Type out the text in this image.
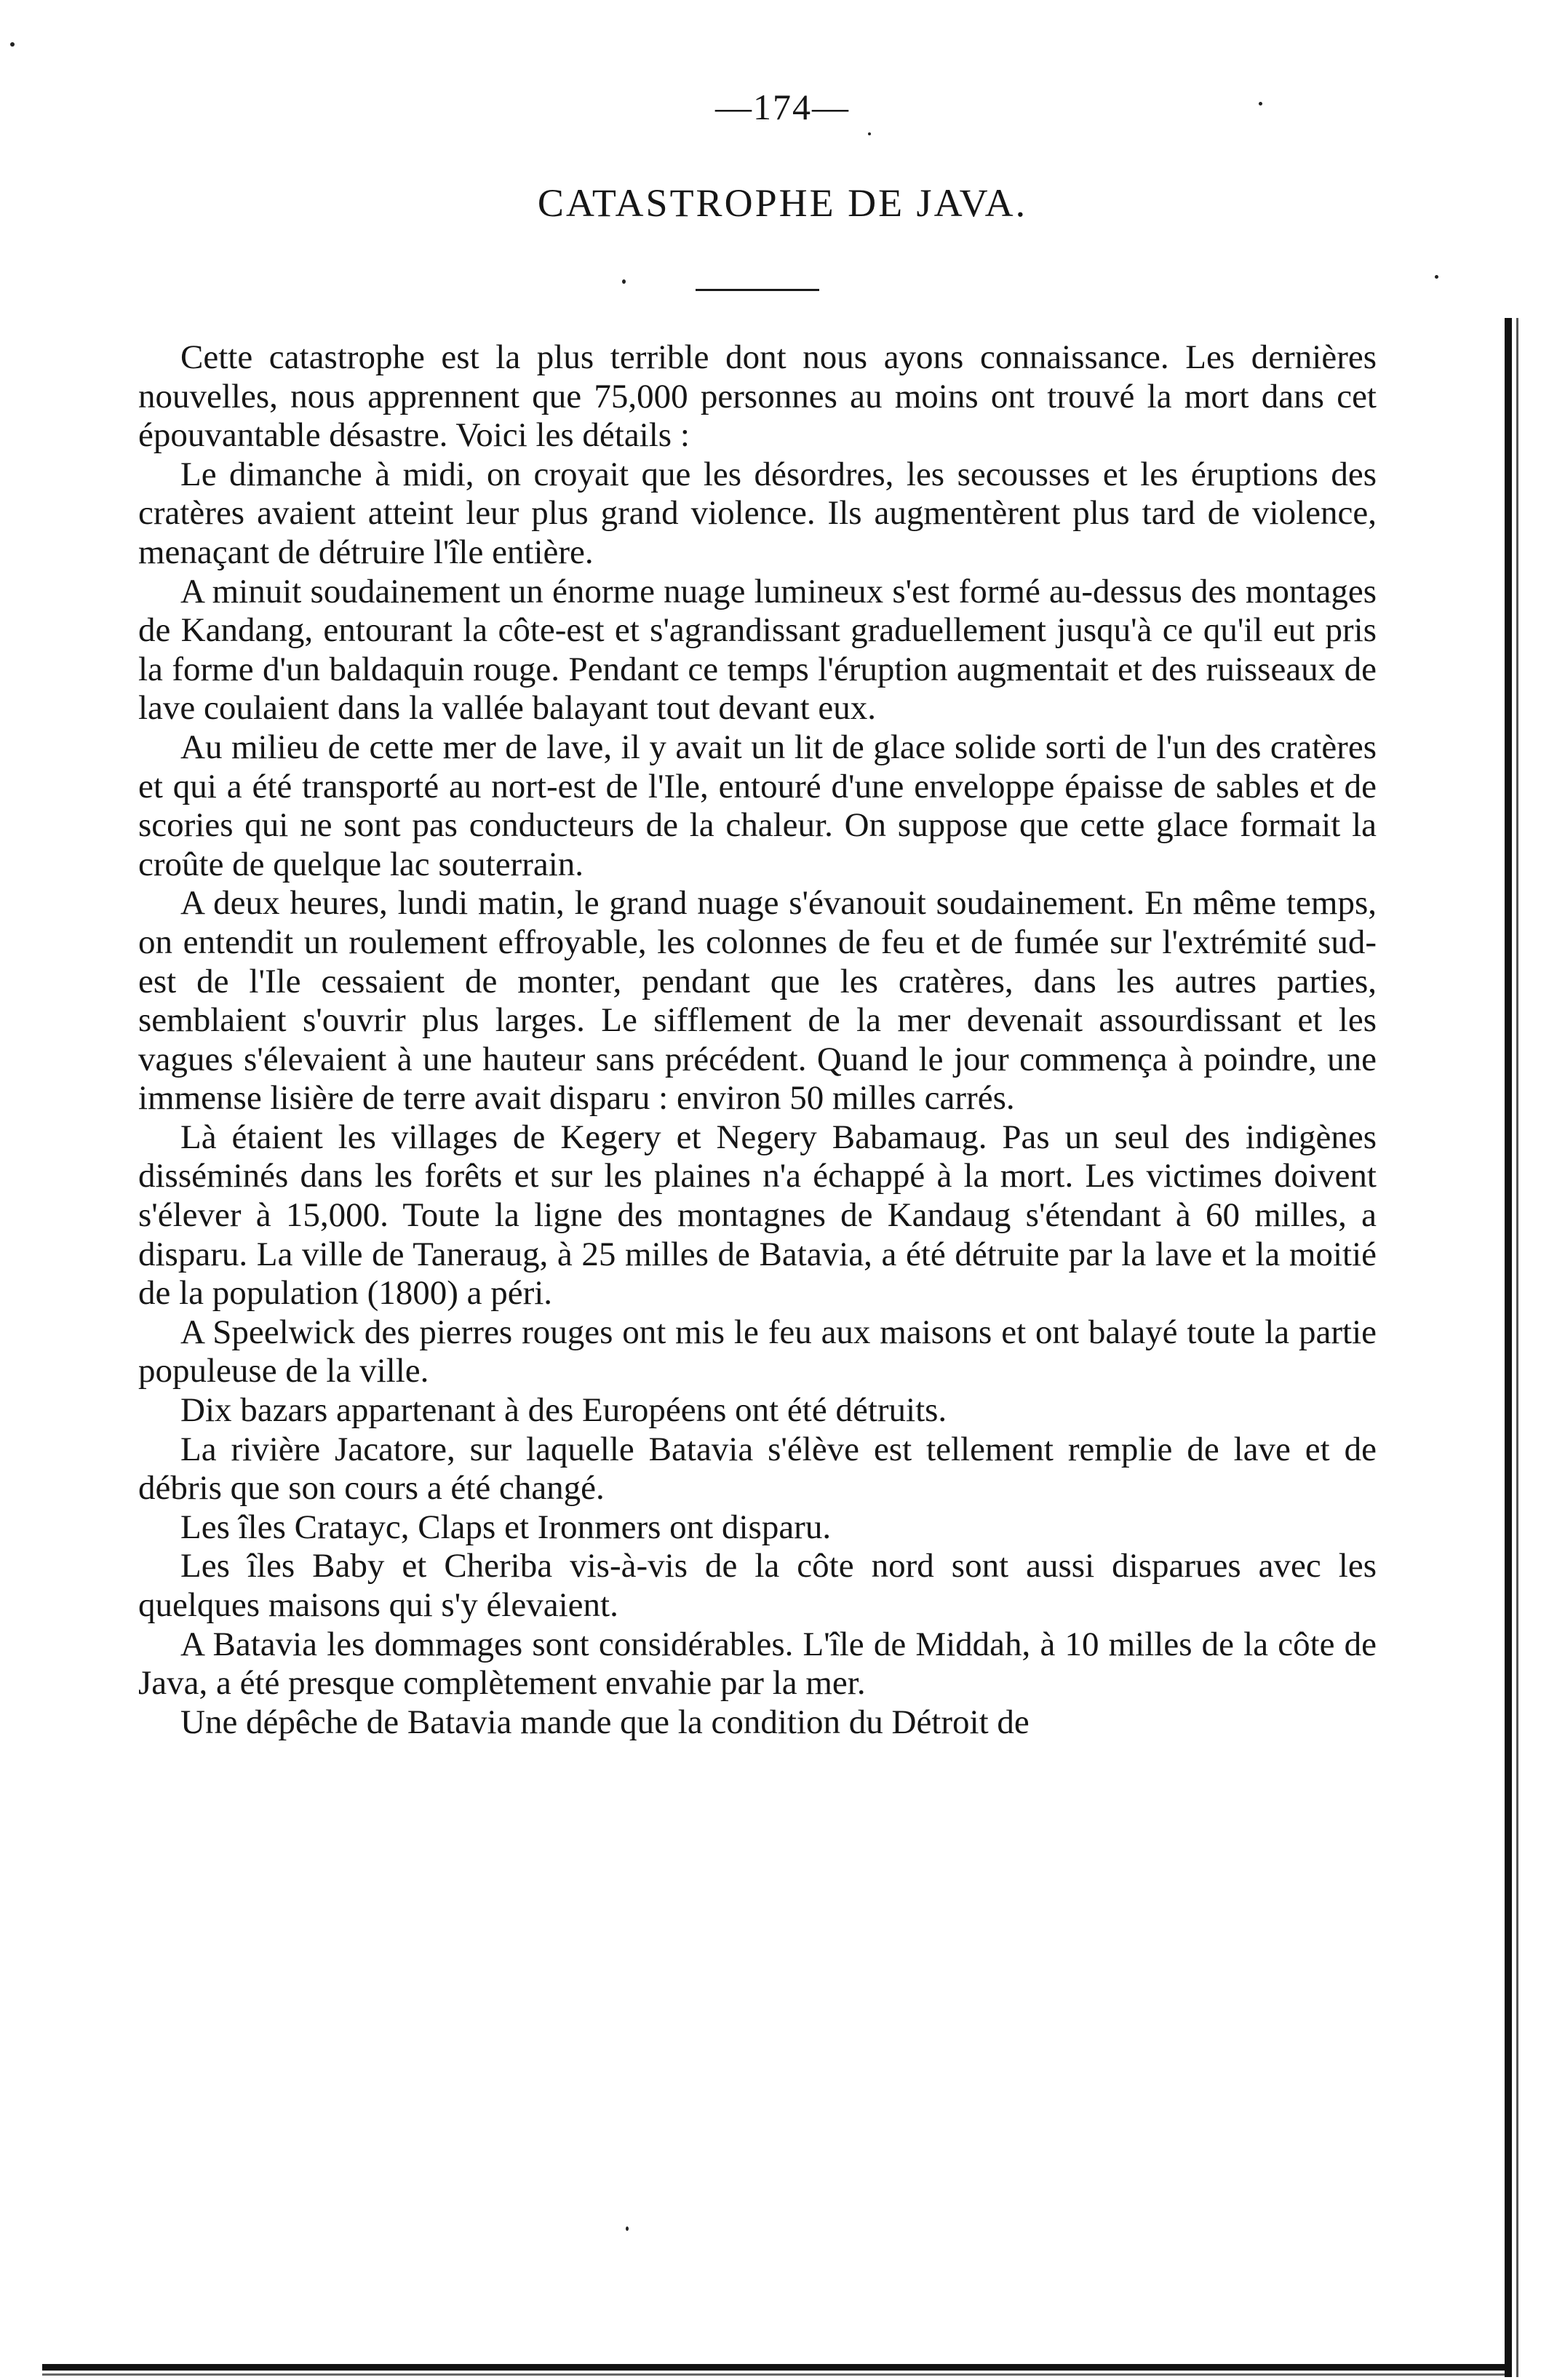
—174—
CATASTROPHE DE JAVA.

Cette catastrophe est la plus terrible dont nous ayons connaissance. Les dernières nouvelles, nous apprennent que 75,000 personnes au moins ont trouvé la mort dans cet épouvantable désastre. Voici les détails :

Le dimanche à midi, on croyait que les désordres, les secousses et les éruptions des cratères avaient atteint leur plus grand violence. Ils augmentèrent plus tard de violence, menaçant de détruire l'île entière.

A minuit soudainement un énorme nuage lumineux s'est formé au-dessus des montages de Kandang, entourant la côte-est et s'agrandissant graduellement jusqu'à ce qu'il eut pris la forme d'un baldaquin rouge. Pendant ce temps l'éruption augmentait et des ruisseaux de lave coulaient dans la vallée balayant tout devant eux.

Au milieu de cette mer de lave, il y avait un lit de glace solide sorti de l'un des cratères et qui a été transporté au nort-est de l'Ile, entouré d'une enveloppe épaisse de sables et de scories qui ne sont pas conducteurs de la chaleur. On suppose que cette glace formait la croûte de quelque lac souterrain.

A deux heures, lundi matin, le grand nuage s'évanouit soudainement. En même temps, on entendit un roulement effroyable, les colonnes de feu et de fumée sur l'extrémité sud-est de l'Ile cessaient de monter, pendant que les cratères, dans les autres parties, semblaient s'ouvrir plus larges. Le sifflement de la mer devenait assourdissant et les vagues s'élevaient à une hauteur sans précédent. Quand le jour commença à poindre, une immense lisière de terre avait disparu : environ 50 milles carrés.

Là étaient les villages de Kegery et Negery Babamaug. Pas un seul des indigènes disséminés dans les forêts et sur les plaines n'a échappé à la mort. Les victimes doivent s'élever à 15,000. Toute la ligne des montagnes de Kandaug s'étendant à 60 milles, a disparu. La ville de Taneraug, à 25 milles de Batavia, a été détruite par la lave et la moitié de la population (1800) a péri.

A Speelwick des pierres rouges ont mis le feu aux maisons et ont balayé toute la partie populeuse de la ville.

Dix bazars appartenant à des Européens ont été détruits.

La rivière Jacatore, sur laquelle Batavia s'élève est tellement remplie de lave et de débris que son cours a été changé.

Les îles Cratayc, Claps et Ironmers ont disparu.

Les îles Baby et Cheriba vis-à-vis de la côte nord sont aussi disparues avec les quelques maisons qui s'y élevaient.

A Batavia les dommages sont considérables. L'île de Middah, à 10 milles de la côte de Java, a été presque complètement envahie par la mer.

Une dépêche de Batavia mande que la condition du Détroit de
